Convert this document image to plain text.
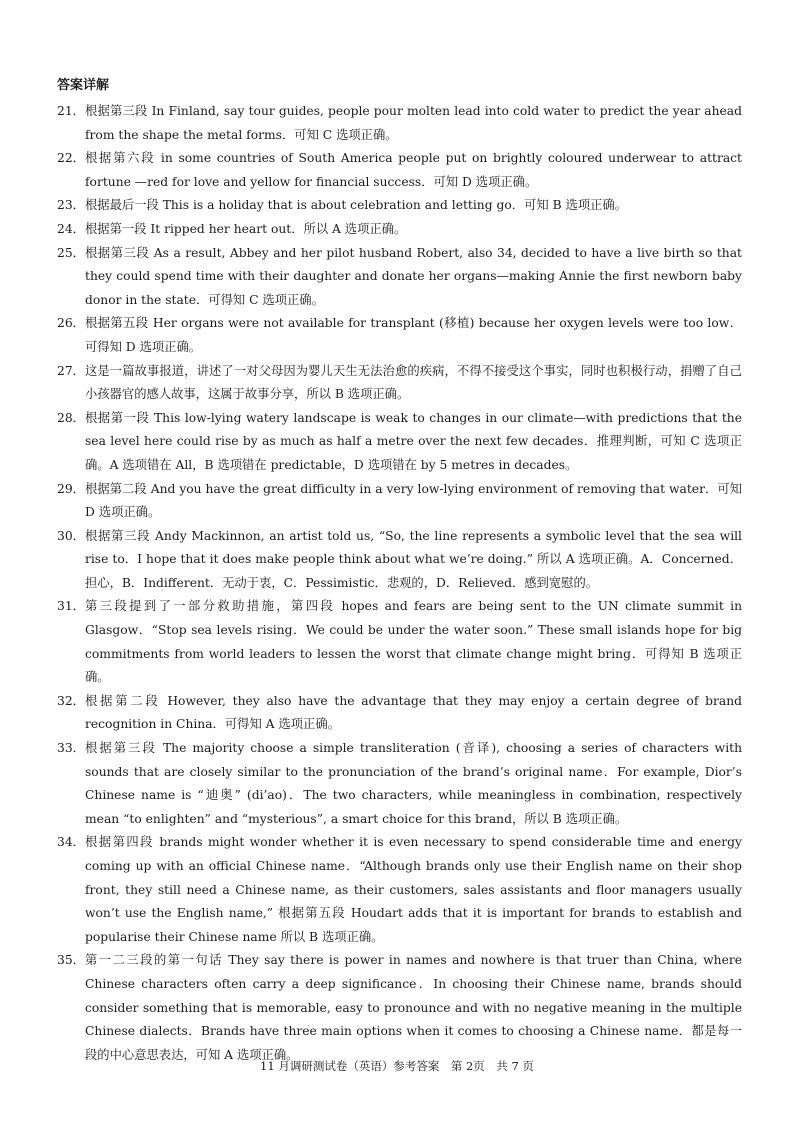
答案详解
21． 根据第三段 In Finland, say tour guides, people pour molten lead into cold water to predict the year ahead from the shape the metal forms．可知 C 选项正确。
22． 根据第六段 in some countries of South America people put on brightly coloured underwear to attract fortune —red for love and yellow for financial success．可知 D 选项正确。
23． 根据最后一段 This is a holiday that is about celebration and letting go．可知 B 选项正确。
24． 根据第一段 It ripped her heart out．所以 A 选项正确。
25． 根据第三段 As a result, Abbey and her pilot husband Robert, also 34, decided to have a live birth so that they could spend time with their daughter and donate her organs—making Annie the first newborn baby donor in the state．可得知 C 选项正确。
26． 根据第五段 Her organs were not available for transplant (移植) because her oxygen levels were too low．可得知 D 选项正确。
27． 这是一篇故事报道，讲述了一对父母因为婴儿天生无法治愈的疾病，不得不接受这个事实，同时也积极行动，捐赠了自己小孩器官的感人故事，这属于故事分享，所以 B 选项正确。
28． 根据第一段 This low-lying watery landscape is weak to changes in our climate—with predictions that the sea level here could rise by as much as half a metre over the next few decades．推理判断，可知 C 选项正确。A 选项错在 All，B 选项错在 predictable，D 选项错在 by 5 metres in decades。
29． 根据第二段 And you have the great difficulty in a very low-lying environment of removing that water．可知 D 选项正确。
30． 根据第三段 Andy Mackinnon, an artist told us, “So, the line represents a symbolic level that the sea will rise to．I hope that it does make people think about what we’re doing.” 所以 A 选项正确。A．Concerned．担心，B．Indifferent．无动于衷，C．Pessimistic．悲观的，D．Relieved．感到宽慰的。
31． 第三段提到了一部分救助措施，第四段 hopes and fears are being sent to the UN climate summit in Glasgow．“Stop sea levels rising．We could be under the water soon.” These small islands hope for big commitments from world leaders to lessen the worst that climate change might bring．可得知 B 选项正确。
32． 根据第二段 However, they also have the advantage that they may enjoy a certain degree of brand recognition in China．可得知 A 选项正确。
33． 根据第三段 The majority choose a simple transliteration (音译), choosing a series of characters with sounds that are closely similar to the pronunciation of the brand’s original name．For example, Dior’s Chinese name is “迪奥” (di’ao)．The two characters, while meaningless in combination, respectively mean “to enlighten” and “mysterious”, a smart choice for this brand，所以 B 选项正确。
34． 根据第四段 brands might wonder whether it is even necessary to spend considerable time and energy coming up with an official Chinese name．“Although brands only use their English name on their shop front, they still need a Chinese name, as their customers, sales assistants and floor managers usually won’t use the English name,” 根据第五段 Houdart adds that it is important for brands to establish and popularise their Chinese name 所以 B 选项正确。
35． 第一二三段的第一句话 They say there is power in names and nowhere is that truer than China, where Chinese characters often carry a deep significance．In choosing their Chinese name, brands should consider something that is memorable, easy to pronounce and with no negative meaning in the multiple Chinese dialects．Brands have three main options when it comes to choosing a Chinese name．都是每一段的中心意思表达，可知 A 选项正确。
11 月调研测试卷（英语）参考答案　第 2页　共 7 页
